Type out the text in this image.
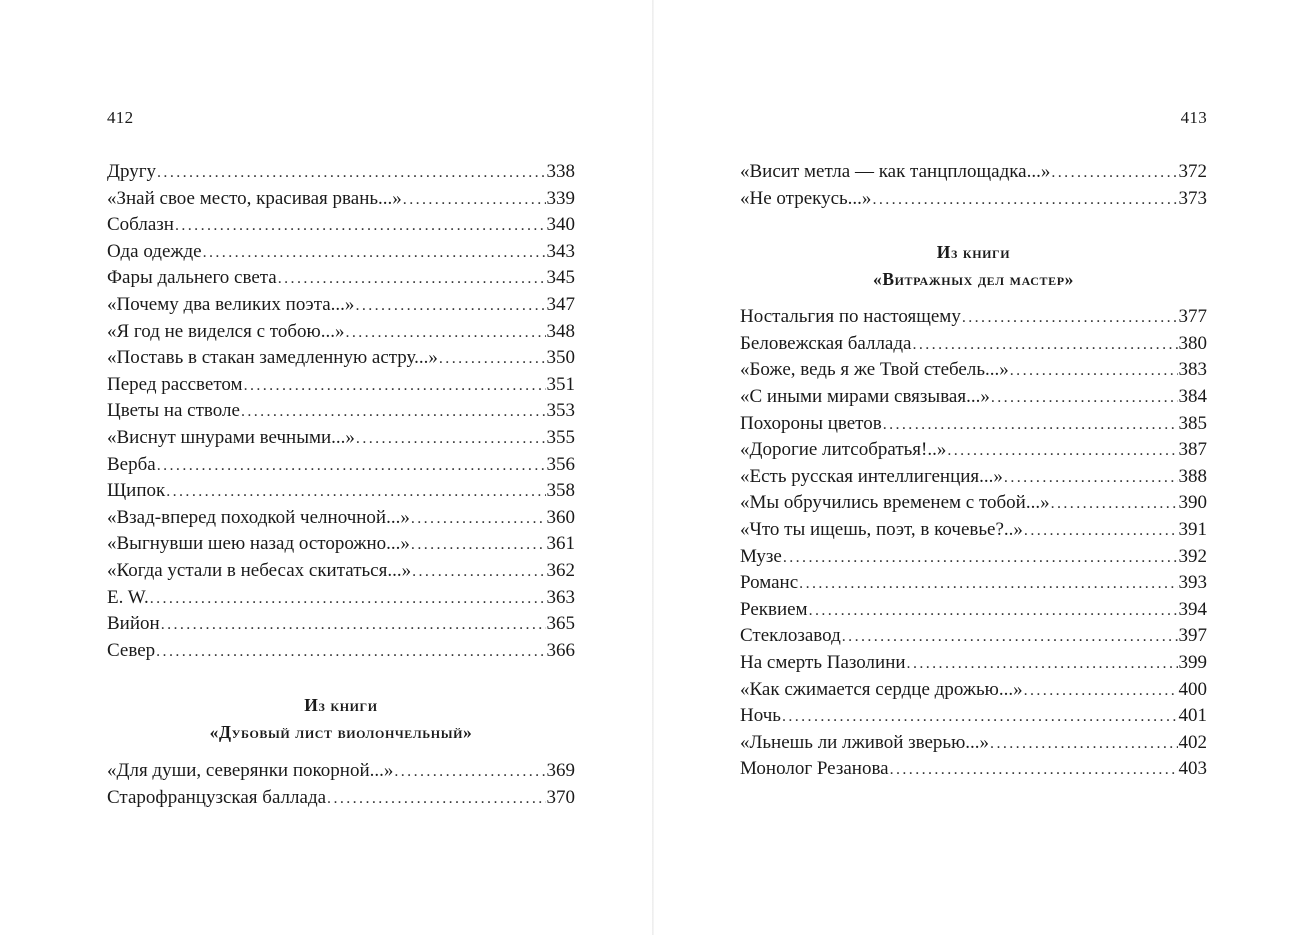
412
Другу .....	338
«Знай свое место, красивая рвань...» .....	339
Соблазн .....	340
Ода одежде .....	343
Фары дальнего света .....	345
«Почему два великих поэта...» .....	347
«Я год не виделся с тобою...» .....	348
«Поставь в стакан замедленную астру...» .....	350
Перед рассветом .....	351
Цветы на стволе .....	353
«Виснут шнурами вечными...» .....	355
Верба .....	356
Щипок .....	358
«Взад-вперед походкой челночной...» .....	360
«Выгнувши шею назад осторожно...» .....	361
«Когда устали в небесах скитаться...» .....	362
E. W. .....	363
Вийон .....	365
Север .....	366
Из книги
«Дубовый лист виолончельный»
«Для души, северянки покорной...» .....	369
Старофранцузская баллада .....	370
413
«Висит метла — как танцплощадка...» .....	372
«Не отрекусь...» .....	373
Из книги
«Витражных дел мастер»
Ностальгия по настоящему .....	377
Беловежская баллада .....	380
«Боже, ведь я же Твой стебель...» .....	383
«С иными мирами связывая...» .....	384
Похороны цветов .....	385
«Дорогие литсобратья!..» .....	387
«Есть русская интеллигенция...» .....	388
«Мы обручились временем с тобой...» .....	390
«Что ты ищешь, поэт, в кочевье?..» .....	391
Музе .....	392
Романс .....	393
Реквием .....	394
Стеклозавод .....	397
На смерть Пазолини .....	399
«Как сжимается сердце дрожью...» .....	400
Ночь .....	401
«Льнешь ли лживой зверью...» .....	402
Монолог Резанова .....	403
